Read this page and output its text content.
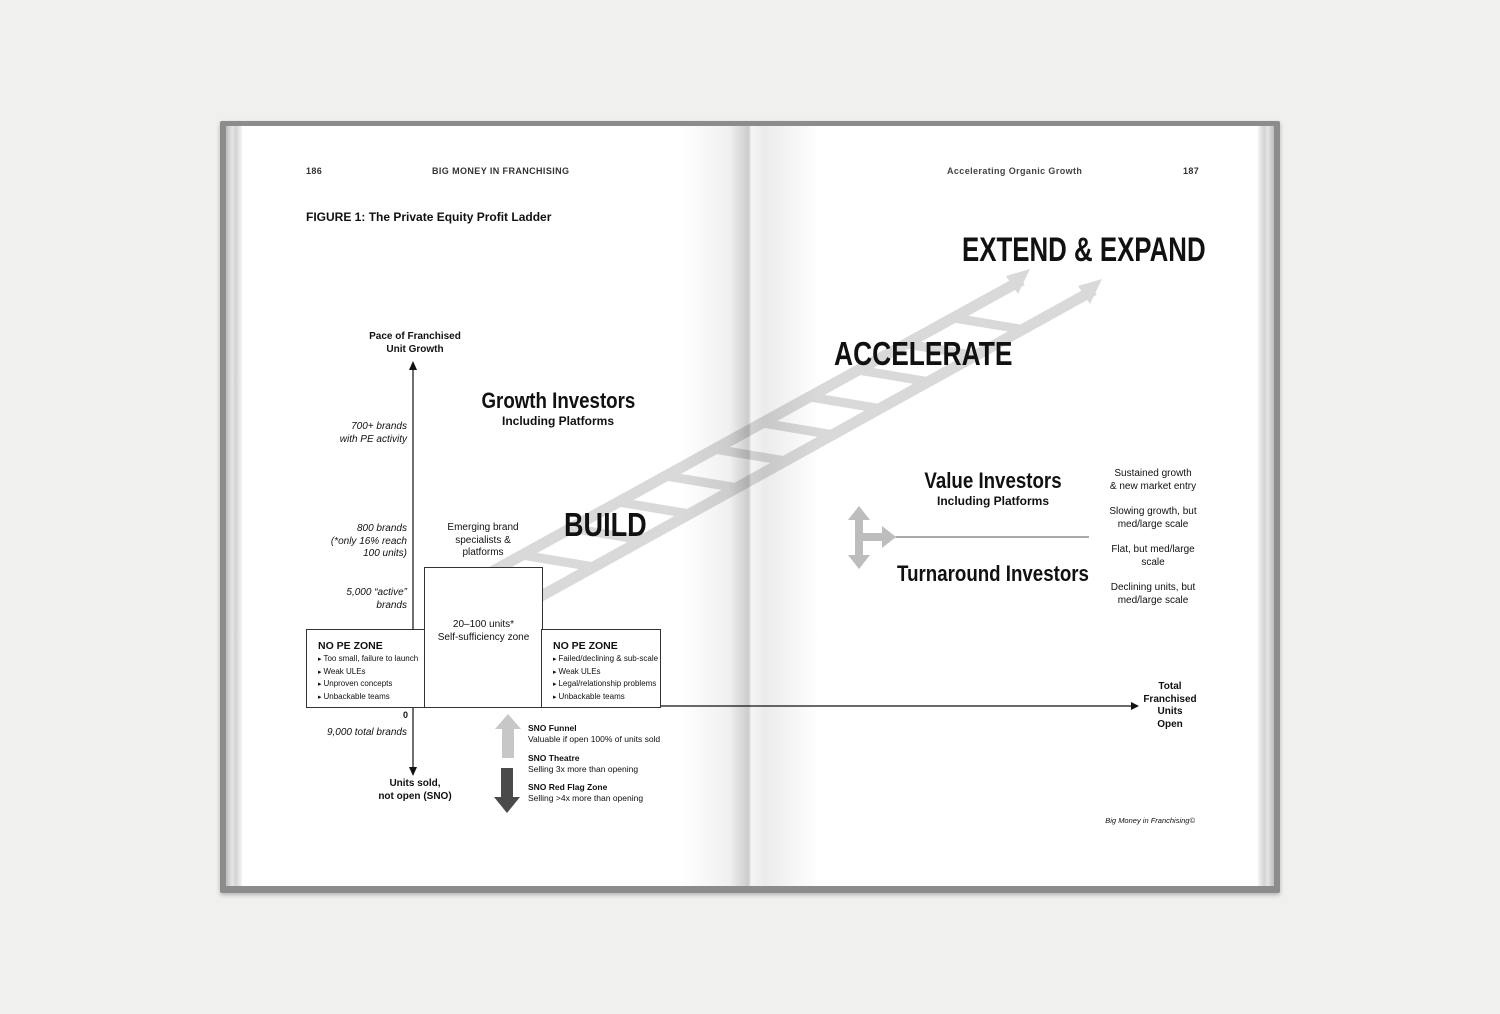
NO PE ZONE
▸ Too small, failure to launch
▸ Weak ULEs
▸ Unproven concepts
▸ Unbackable teams
20–100 units*
Self-sufficiency zone
NO PE ZONE
▸ Failed/declining & sub-scale
▸ Weak ULEs
▸ Legal/relationship problems
▸ Unbackable teams
186	BIG MONEY IN FRANCHISING	Accelerating Organic Growth	187
FIGURE 1: The Private Equity Profit Ladder
Pace of Franchised
Unit Growth
Total
Franchised
Units
Open
0
Units sold,
not open (SNO)
700+ brands
with PE activity
800 brands
(*only 16% reach
100 units)
5,000 “active”
brands
9,000 total brands
Emerging brand
specialists &
platforms
Growth Investors
Including Platforms
Value Investors
Including Platforms
Turnaround Investors
BUILD
ACCELERATE
EXTEND & EXPAND
Sustained growth
& new market entry
Slowing growth, but
med/large scale
Flat, but med/large
scale
Declining units, but
med/large scale
SNO Funnel
Valuable if open 100% of units sold
SNO Theatre
Selling 3x more than opening
SNO Red Flag Zone
Selling >4x more than opening
Big Money in Franchising©
